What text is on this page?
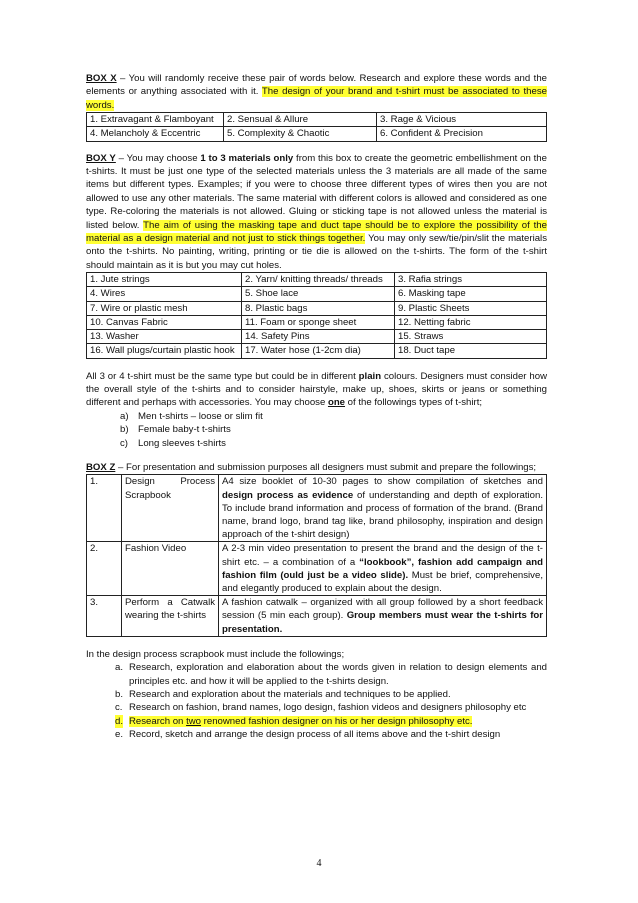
BOX X – You will randomly receive these pair of words below. Research and explore these words and the elements or anything associated with it. The design of your brand and t-shirt must be associated to these words.

1. Extravagant & Flamboyant	2. Sensual & Allure	3. Rage & Vicious
4. Melancholy & Eccentric	5. Complexity & Chaotic	6. Confident & Precision

BOX Y – You may choose 1 to 3 materials only from this box to create the geometric embellishment on the t-shirts. It must be just one type of the selected materials unless the 3 materials are all made of the same items but different types. Examples; if you were to choose three different types of wires then you are not allowed to use any other materials. The same material with different colors is allowed and considered as one type. Re-coloring the materials is not allowed. Gluing or sticking tape is not allowed unless the material is listed below. The aim of using the masking tape and duct tape should be to explore the possibility of the material as a design material and not just to stick things together. You may only sew/tie/pin/slit the materials onto the t-shirts. No painting, writing, printing or tie die is allowed on the t-shirts. The form of the t-shirt should maintain as it is but you may cut holes.

1. Jute strings	2. Yarn/ knitting threads/ threads	3. Rafia strings
4. Wires	5. Shoe lace	6. Masking tape
7. Wire or plastic mesh	8. Plastic bags	9. Plastic Sheets
10. Canvas Fabric	11. Foam or sponge sheet	12. Netting fabric
13. Washer	14. Safety Pins	15. Straws
16. Wall plugs/curtain plastic hook	17. Water hose (1-2cm dia)	18. Duct tape

All 3 or 4 t-shirt must be the same type but could be in different plain colours. Designers must consider how the overall style of the t-shirts and to consider hairstyle, make up, shoes, skirts or jeans or something different and perhaps with accessories. You may choose one of the followings types of t-shirt;

a) Men t-shirts – loose or slim fit
b) Female baby-t t-shirts
c) Long sleeves t-shirts

BOX Z – For presentation and submission purposes all designers must submit and prepare the followings;

1.	Design Process Scrapbook	A4 size booklet of 10-30 pages to show compilation of sketches and design process as evidence of understanding and depth of exploration. To include brand information and process of formation of the brand. (Brand name, brand logo, brand tag like, brand philosophy, inspiration and design approach of the t-shirt design)
2.	Fashion Video	A 2-3 min video presentation to present the brand and the design of the t-shirt etc. – a combination of a “lookbook”, fashion add campaign and fashion film (ould just be a video slide). Must be brief, comprehensive, and elegantly produced to explain about the design.
3.	Perform a Catwalk wearing the t-shirts	A fashion catwalk – organized with all group followed by a short feedback session (5 min each group). Group members must wear the t-shirts for presentation.

In the design process scrapbook must include the followings;

a. Research, exploration and elaboration about the words given in relation to design elements and principles etc. and how it will be applied to the t-shirts design.
b. Research and exploration about the materials and techniques to be applied.
c. Research on fashion, brand names, logo design, fashion videos and designers philosophy etc
d. Research on two renowned fashion designer on his or her design philosophy etc.
e. Record, sketch and arrange the design process of all items above and the t-shirt design
4
